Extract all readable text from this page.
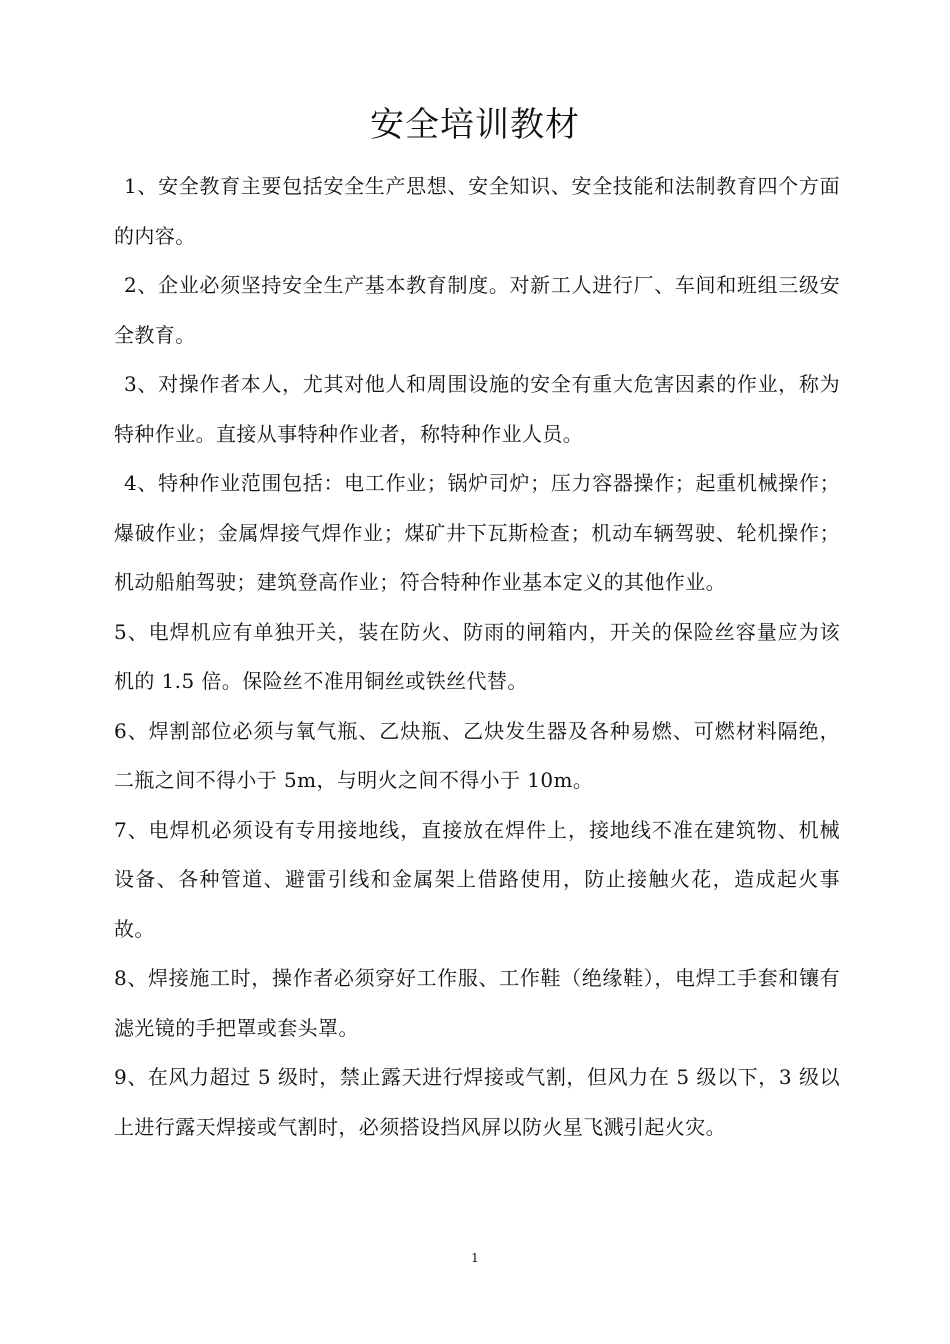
安全培训教材

1、安全教育主要包括安全生产思想、安全知识、安全技能和法制教育四个方面的内容。

2、企业必须坚持安全生产基本教育制度。对新工人进行厂、车间和班组三级安全教育。

3、对操作者本人，尤其对他人和周围设施的安全有重大危害因素的作业，称为特种作业。直接从事特种作业者，称特种作业人员。

4、特种作业范围包括：电工作业；锅炉司炉；压力容器操作；起重机械操作；爆破作业；金属焊接气焊作业；煤矿井下瓦斯检查；机动车辆驾驶、轮机操作；机动船舶驾驶；建筑登高作业；符合特种作业基本定义的其他作业。

5、电焊机应有单独开关，装在防火、防雨的闸箱内，开关的保险丝容量应为该机的 1.5 倍。保险丝不准用铜丝或铁丝代替。

6、焊割部位必须与氧气瓶、乙炔瓶、乙炔发生器及各种易燃、可燃材料隔绝，二瓶之间不得小于 5m，与明火之间不得小于 10m。

7、电焊机必须设有专用接地线，直接放在焊件上，接地线不准在建筑物、机械设备、各种管道、避雷引线和金属架上借路使用，防止接触火花，造成起火事故。

8、焊接施工时，操作者必须穿好工作服、工作鞋（绝缘鞋），电焊工手套和镶有滤光镜的手把罩或套头罩。

9、在风力超过 5 级时，禁止露天进行焊接或气割，但风力在 5 级以下，3 级以上进行露天焊接或气割时，必须搭设挡风屏以防火星飞溅引起火灾。

1
